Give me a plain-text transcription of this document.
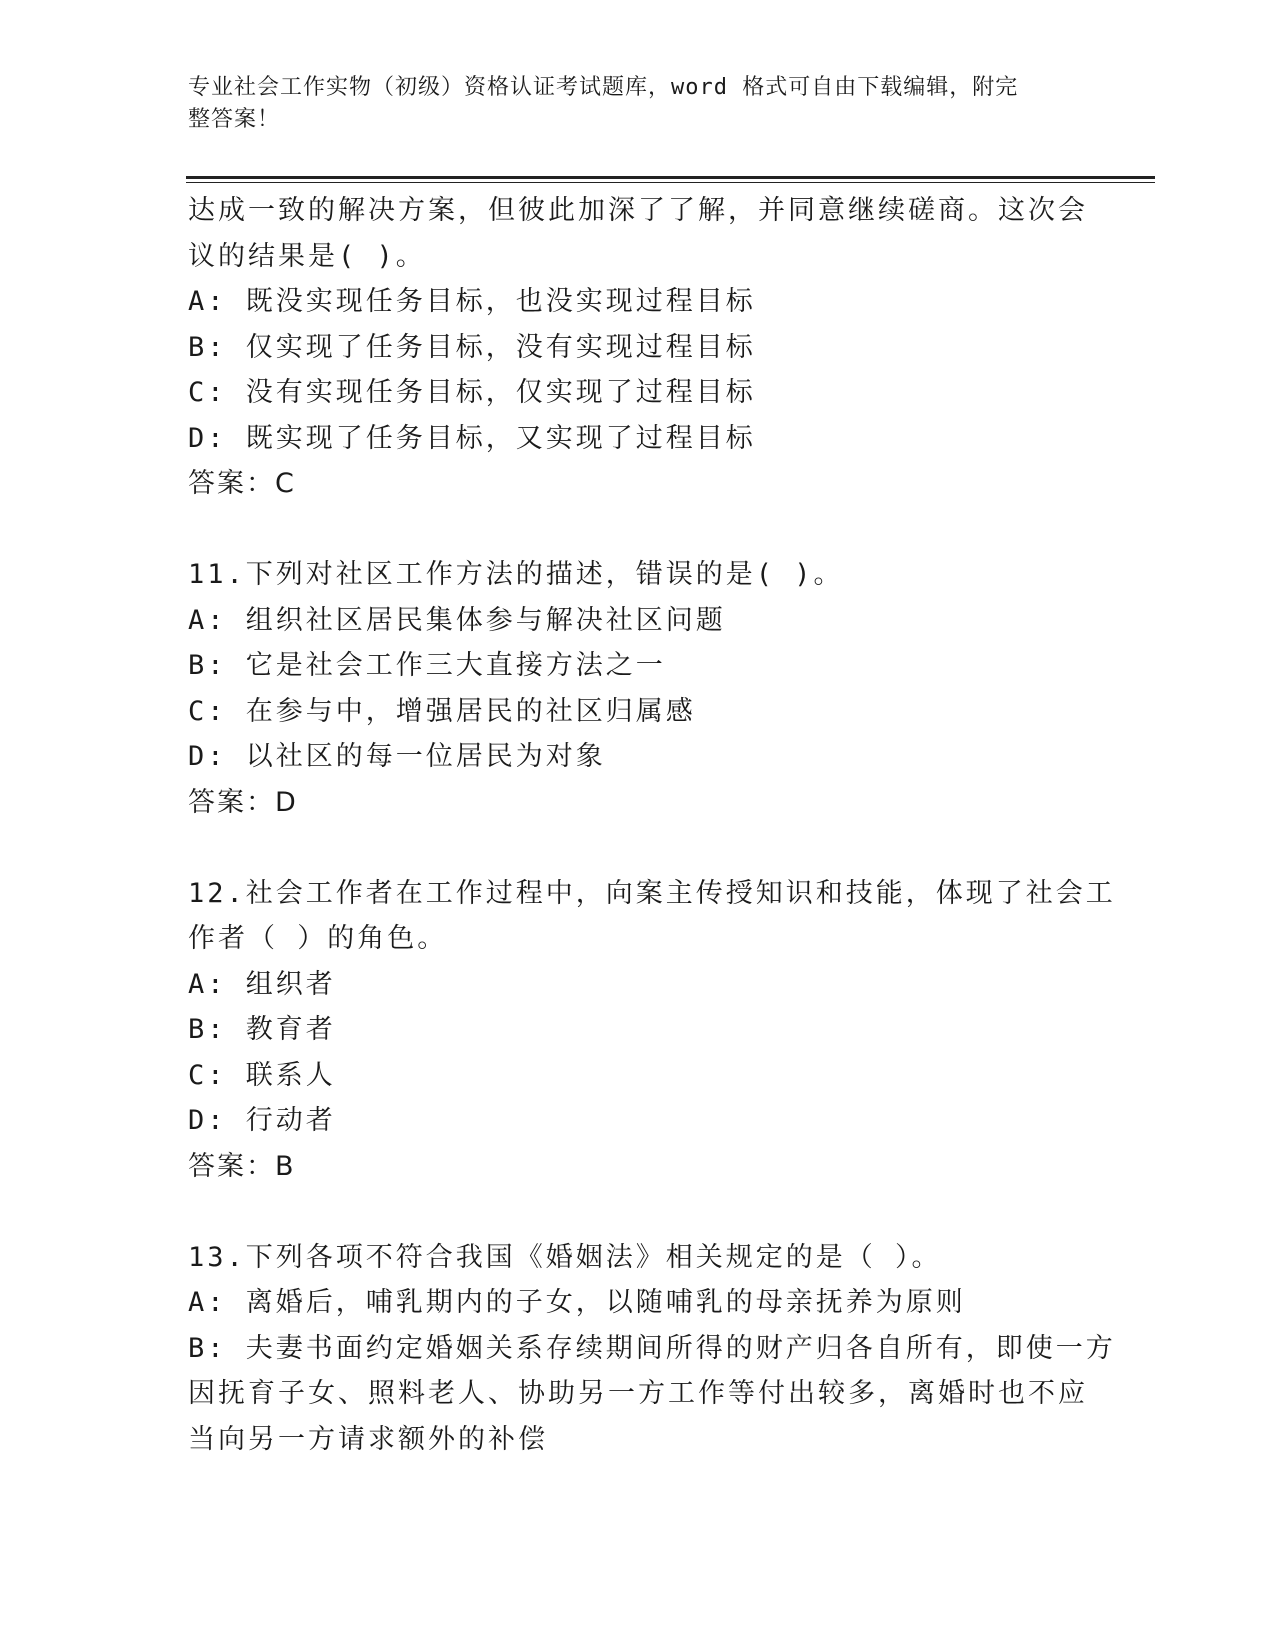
专业社会工作实物（初级）资格认证考试题库，word 格式可自由下载编辑，附完
整答案！
达成一致的解决方案，但彼此加深了了解，并同意继续磋商。这次会
议的结果是( )。
A: 既没实现任务目标，也没实现过程目标
B: 仅实现了任务目标，没有实现过程目标
C: 没有实现任务目标，仅实现了过程目标
D: 既实现了任务目标，又实现了过程目标
答案：C
11.下列对社区工作方法的描述，错误的是( )。
A: 组织社区居民集体参与解决社区问题
B: 它是社会工作三大直接方法之一
C: 在参与中，增强居民的社区归属感
D: 以社区的每一位居民为对象
答案：D
12.社会工作者在工作过程中，向案主传授知识和技能，体现了社会工
作者（ ）的角色。
A: 组织者
B: 教育者
C: 联系人
D: 行动者
答案：B
13.下列各项不符合我国《婚姻法》相关规定的是（ ）。
A: 离婚后，哺乳期内的子女，以随哺乳的母亲抚养为原则
B: 夫妻书面约定婚姻关系存续期间所得的财产归各自所有，即使一方
因抚育子女、照料老人、协助另一方工作等付出较多，离婚时也不应
当向另一方请求额外的补偿
